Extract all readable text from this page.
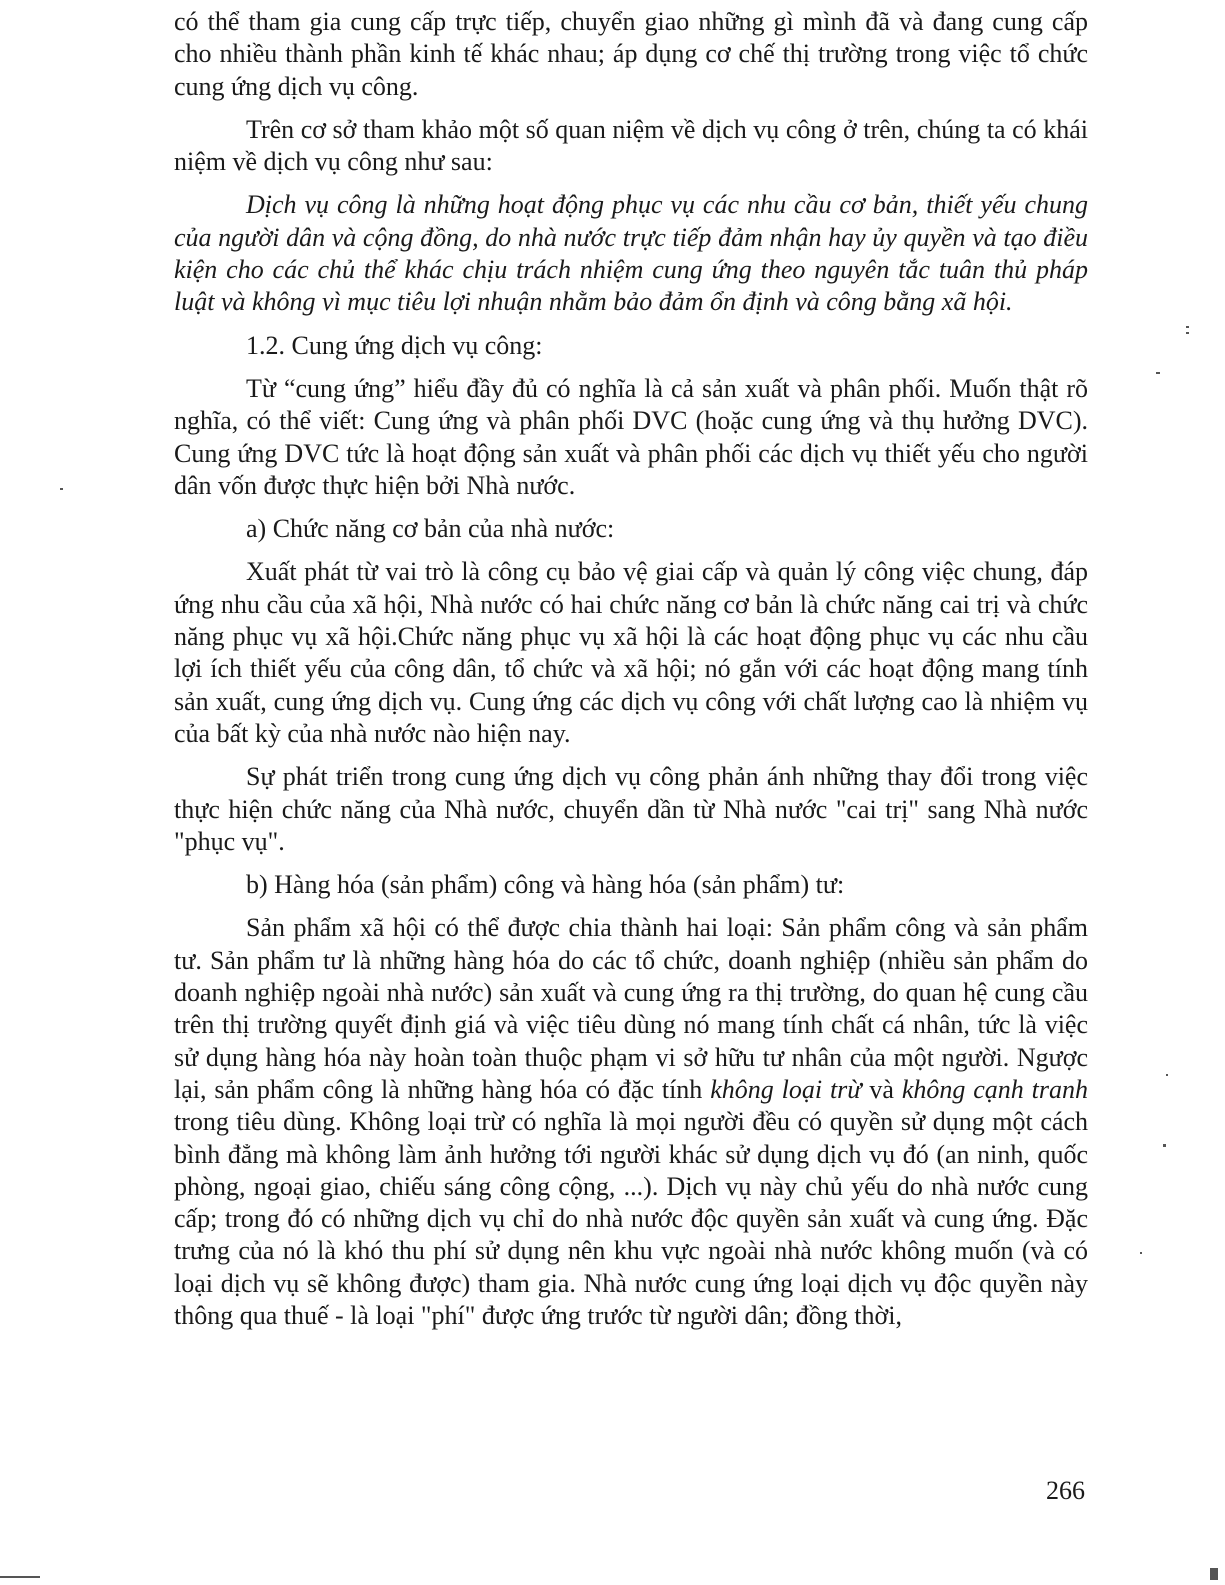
có thể tham gia cung cấp trực tiếp, chuyển giao những gì mình đã và đang cung cấp cho nhiều thành phần kinh tế khác nhau; áp dụng cơ chế thị trường trong việc tổ chức cung ứng dịch vụ công.

Trên cơ sở tham khảo một số quan niệm về dịch vụ công ở trên, chúng ta có khái niệm về dịch vụ công như sau:

Dịch vụ công là những hoạt động phục vụ các nhu cầu cơ bản, thiết yếu chung của người dân và cộng đồng, do nhà nước trực tiếp đảm nhận hay ủy quyền và tạo điều kiện cho các chủ thể khác chịu trách nhiệm cung ứng theo nguyên tắc tuân thủ pháp luật và không vì mục tiêu lợi nhuận nhằm bảo đảm ổn định và công bằng xã hội.

1.2. Cung ứng dịch vụ công:

Từ “cung ứng” hiểu đầy đủ có nghĩa là cả sản xuất và phân phối. Muốn thật rõ nghĩa, có thể viết: Cung ứng và phân phối DVC (hoặc cung ứng và thụ hưởng DVC). Cung ứng DVC tức là hoạt động sản xuất và phân phối các dịch vụ thiết yếu cho người dân vốn được thực hiện bởi Nhà nước.

a) Chức năng cơ bản của nhà nước:

Xuất phát từ vai trò là công cụ bảo vệ giai cấp và quản lý công việc chung, đáp ứng nhu cầu của xã hội, Nhà nước có hai chức năng cơ bản là chức năng cai trị và chức năng phục vụ xã hội.Chức năng phục vụ xã hội là các hoạt động phục vụ các nhu cầu lợi ích thiết yếu của công dân, tổ chức và xã hội; nó gắn với các hoạt động mang tính sản xuất, cung ứng dịch vụ. Cung ứng các dịch vụ công với chất lượng cao là nhiệm vụ của bất kỳ của nhà nước nào hiện nay.

Sự phát triển trong cung ứng dịch vụ công phản ánh những thay đổi trong việc thực hiện chức năng của Nhà nước, chuyển dần từ Nhà nước "cai trị" sang Nhà nước "phục vụ".

b) Hàng hóa (sản phẩm) công và hàng hóa (sản phẩm) tư:

Sản phẩm xã hội có thể được chia thành hai loại: Sản phẩm công và sản phẩm tư. Sản phẩm tư là những hàng hóa do các tổ chức, doanh nghiệp (nhiều sản phẩm do doanh nghiệp ngoài nhà nước) sản xuất và cung ứng ra thị trường, do quan hệ cung cầu trên thị trường quyết định giá và việc tiêu dùng nó mang tính chất cá nhân, tức là việc sử dụng hàng hóa này hoàn toàn thuộc phạm vi sở hữu tư nhân của một người. Ngược lại, sản phẩm công là những hàng hóa có đặc tính không loại trừ và không cạnh tranh trong tiêu dùng. Không loại trừ có nghĩa là mọi người đều có quyền sử dụng một cách bình đẳng mà không làm ảnh hưởng tới người khác sử dụng dịch vụ đó (an ninh, quốc phòng, ngoại giao, chiếu sáng công cộng, ...). Dịch vụ này chủ yếu do nhà nước cung cấp; trong đó có những dịch vụ chỉ do nhà nước độc quyền sản xuất và cung ứng. Đặc trưng của nó là khó thu phí sử dụng nên khu vực ngoài nhà nước không muốn (và có loại dịch vụ sẽ không được) tham gia. Nhà nước cung ứng loại dịch vụ độc quyền này thông qua thuế - là loại "phí" được ứng trước từ người dân; đồng thời,

266
